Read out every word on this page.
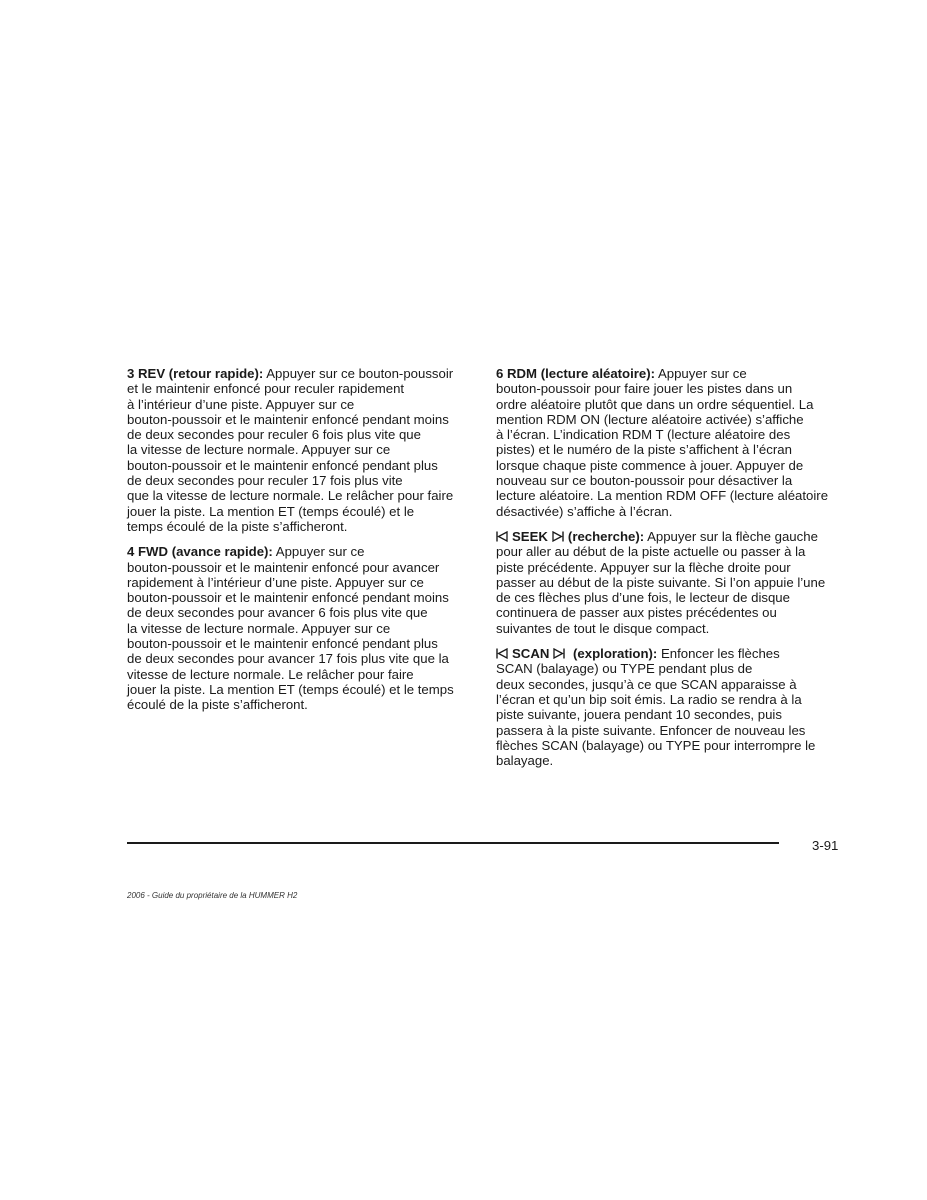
3 REV (retour rapide): Appuyer sur ce bouton-poussoir
et le maintenir enfoncé pour reculer rapidement
à l’intérieur d’une piste. Appuyer sur ce
bouton-poussoir et le maintenir enfoncé pendant moins
de deux secondes pour reculer 6 fois plus vite que
la vitesse de lecture normale. Appuyer sur ce
bouton-poussoir et le maintenir enfoncé pendant plus
de deux secondes pour reculer 17 fois plus vite
que la vitesse de lecture normale. Le relâcher pour faire
jouer la piste. La mention ET (temps écoulé) et le
temps écoulé de la piste s’afficheront.

4 FWD (avance rapide): Appuyer sur ce
bouton-poussoir et le maintenir enfoncé pour avancer
rapidement à l’intérieur d’une piste. Appuyer sur ce
bouton-poussoir et le maintenir enfoncé pendant moins
de deux secondes pour avancer 6 fois plus vite que
la vitesse de lecture normale. Appuyer sur ce
bouton-poussoir et le maintenir enfoncé pendant plus
de deux secondes pour avancer 17 fois plus vite que la
vitesse de lecture normale. Le relâcher pour faire
jouer la piste. La mention ET (temps écoulé) et le temps
écoulé de la piste s’afficheront.

6 RDM (lecture aléatoire): Appuyer sur ce
bouton-poussoir pour faire jouer les pistes dans un
ordre aléatoire plutôt que dans un ordre séquentiel. La
mention RDM ON (lecture aléatoire activée) s’affiche
à l’écran. L’indication RDM T (lecture aléatoire des
pistes) et le numéro de la piste s’affichent à l’écran
lorsque chaque piste commence à jouer. Appuyer de
nouveau sur ce bouton-poussoir pour désactiver la
lecture aléatoire. La mention RDM OFF (lecture aléatoire
désactivée) s’affiche à l’écran.

SEEK (recherche): Appuyer sur la flèche gauche
pour aller au début de la piste actuelle ou passer à la
piste précédente. Appuyer sur la flèche droite pour
passer au début de la piste suivante. Si l’on appuie l’une
de ces flèches plus d’une fois, le lecteur de disque
continuera de passer aux pistes précédentes ou
suivantes de tout le disque compact.

SCAN
(exploration): Enfoncer les flèches
SCAN (balayage) ou TYPE pendant plus de
deux secondes, jusqu’à ce que SCAN apparaisse à
l’écran et qu’un bip soit émis. La radio se rendra à la
piste suivante, jouera pendant 10 secondes, puis
passera à la piste suivante. Enfoncer de nouveau les
flèches SCAN (balayage) ou TYPE pour interrompre le
balayage.

3-91
2006 - Guide du propriétaire de la HUMMER H2
